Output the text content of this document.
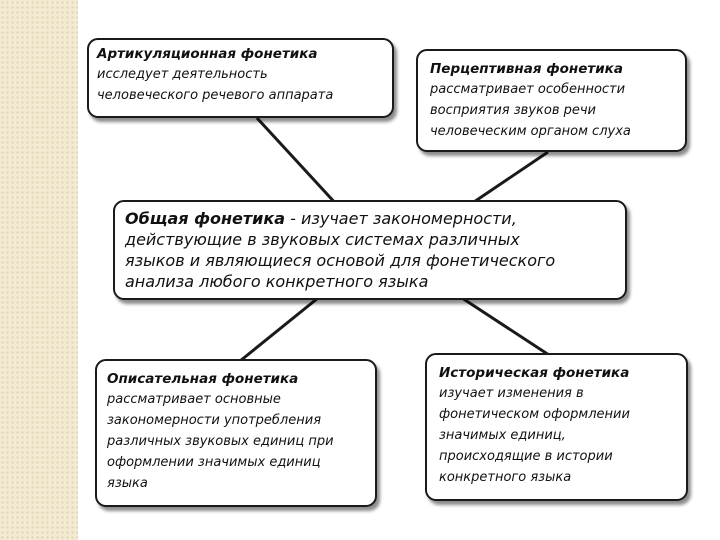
Артикуляционная фонетика
исследует деятельность
человеческого речевого аппарата
Перцептивная фонетика
рассматривает особенности
восприятия звуков речи
человеческим органом слуха
Общая фонетика - изучает закономерности,
действующие в звуковых системах различных
языков и являющиеся основой для фонетического
анализа любого конкретного языка
Описательная фонетика
рассматривает основные
закономерности употребления
различных звуковых единиц при
оформлении значимых единиц
языка
Историческая фонетика
изучает изменения в
фонетическом оформлении
значимых единиц,
происходящие в истории
конкретного языка
